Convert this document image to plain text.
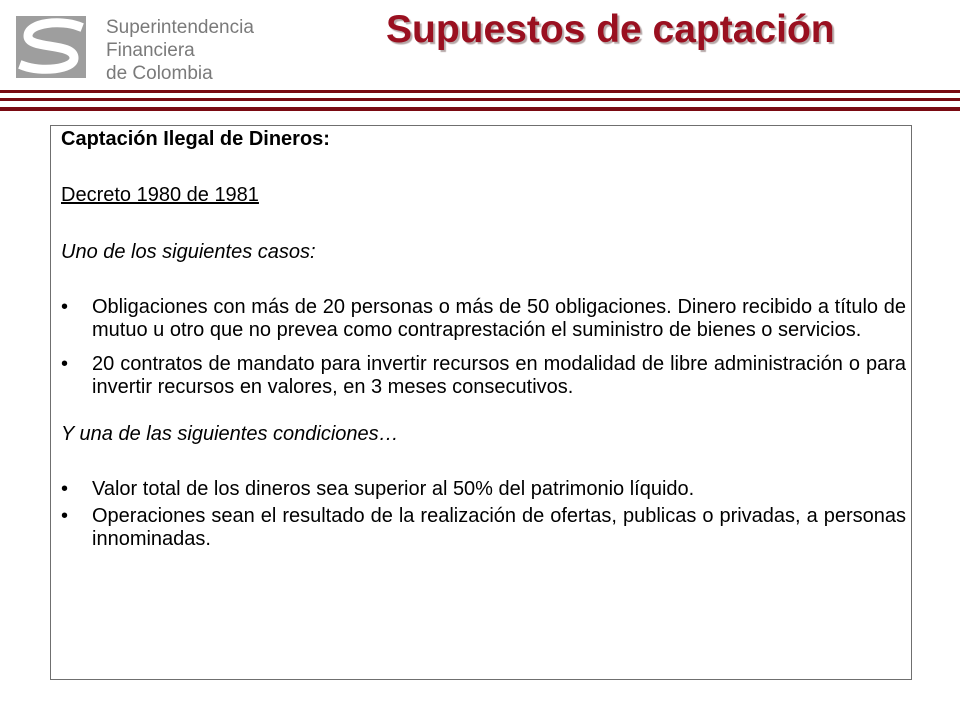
Superintendencia
Financiera
de Colombia
Supuestos de captación

Captación Ilegal de Dineros:

Decreto 1980 de 1981

Uno de los siguientes casos:

• Obligaciones con más de 20 personas o más de 50 obligaciones. Dinero recibido a título de mutuo u otro que no prevea como contraprestación el suministro de bienes o servicios.
• 20 contratos de mandato para invertir recursos en modalidad de libre administración o para invertir recursos en valores, en 3 meses consecutivos.

Y una de las siguientes condiciones…

• Valor total de los dineros sea superior al 50% del patrimonio líquido.
• Operaciones sean el resultado de la realización de ofertas, publicas o privadas, a personas innominadas.
